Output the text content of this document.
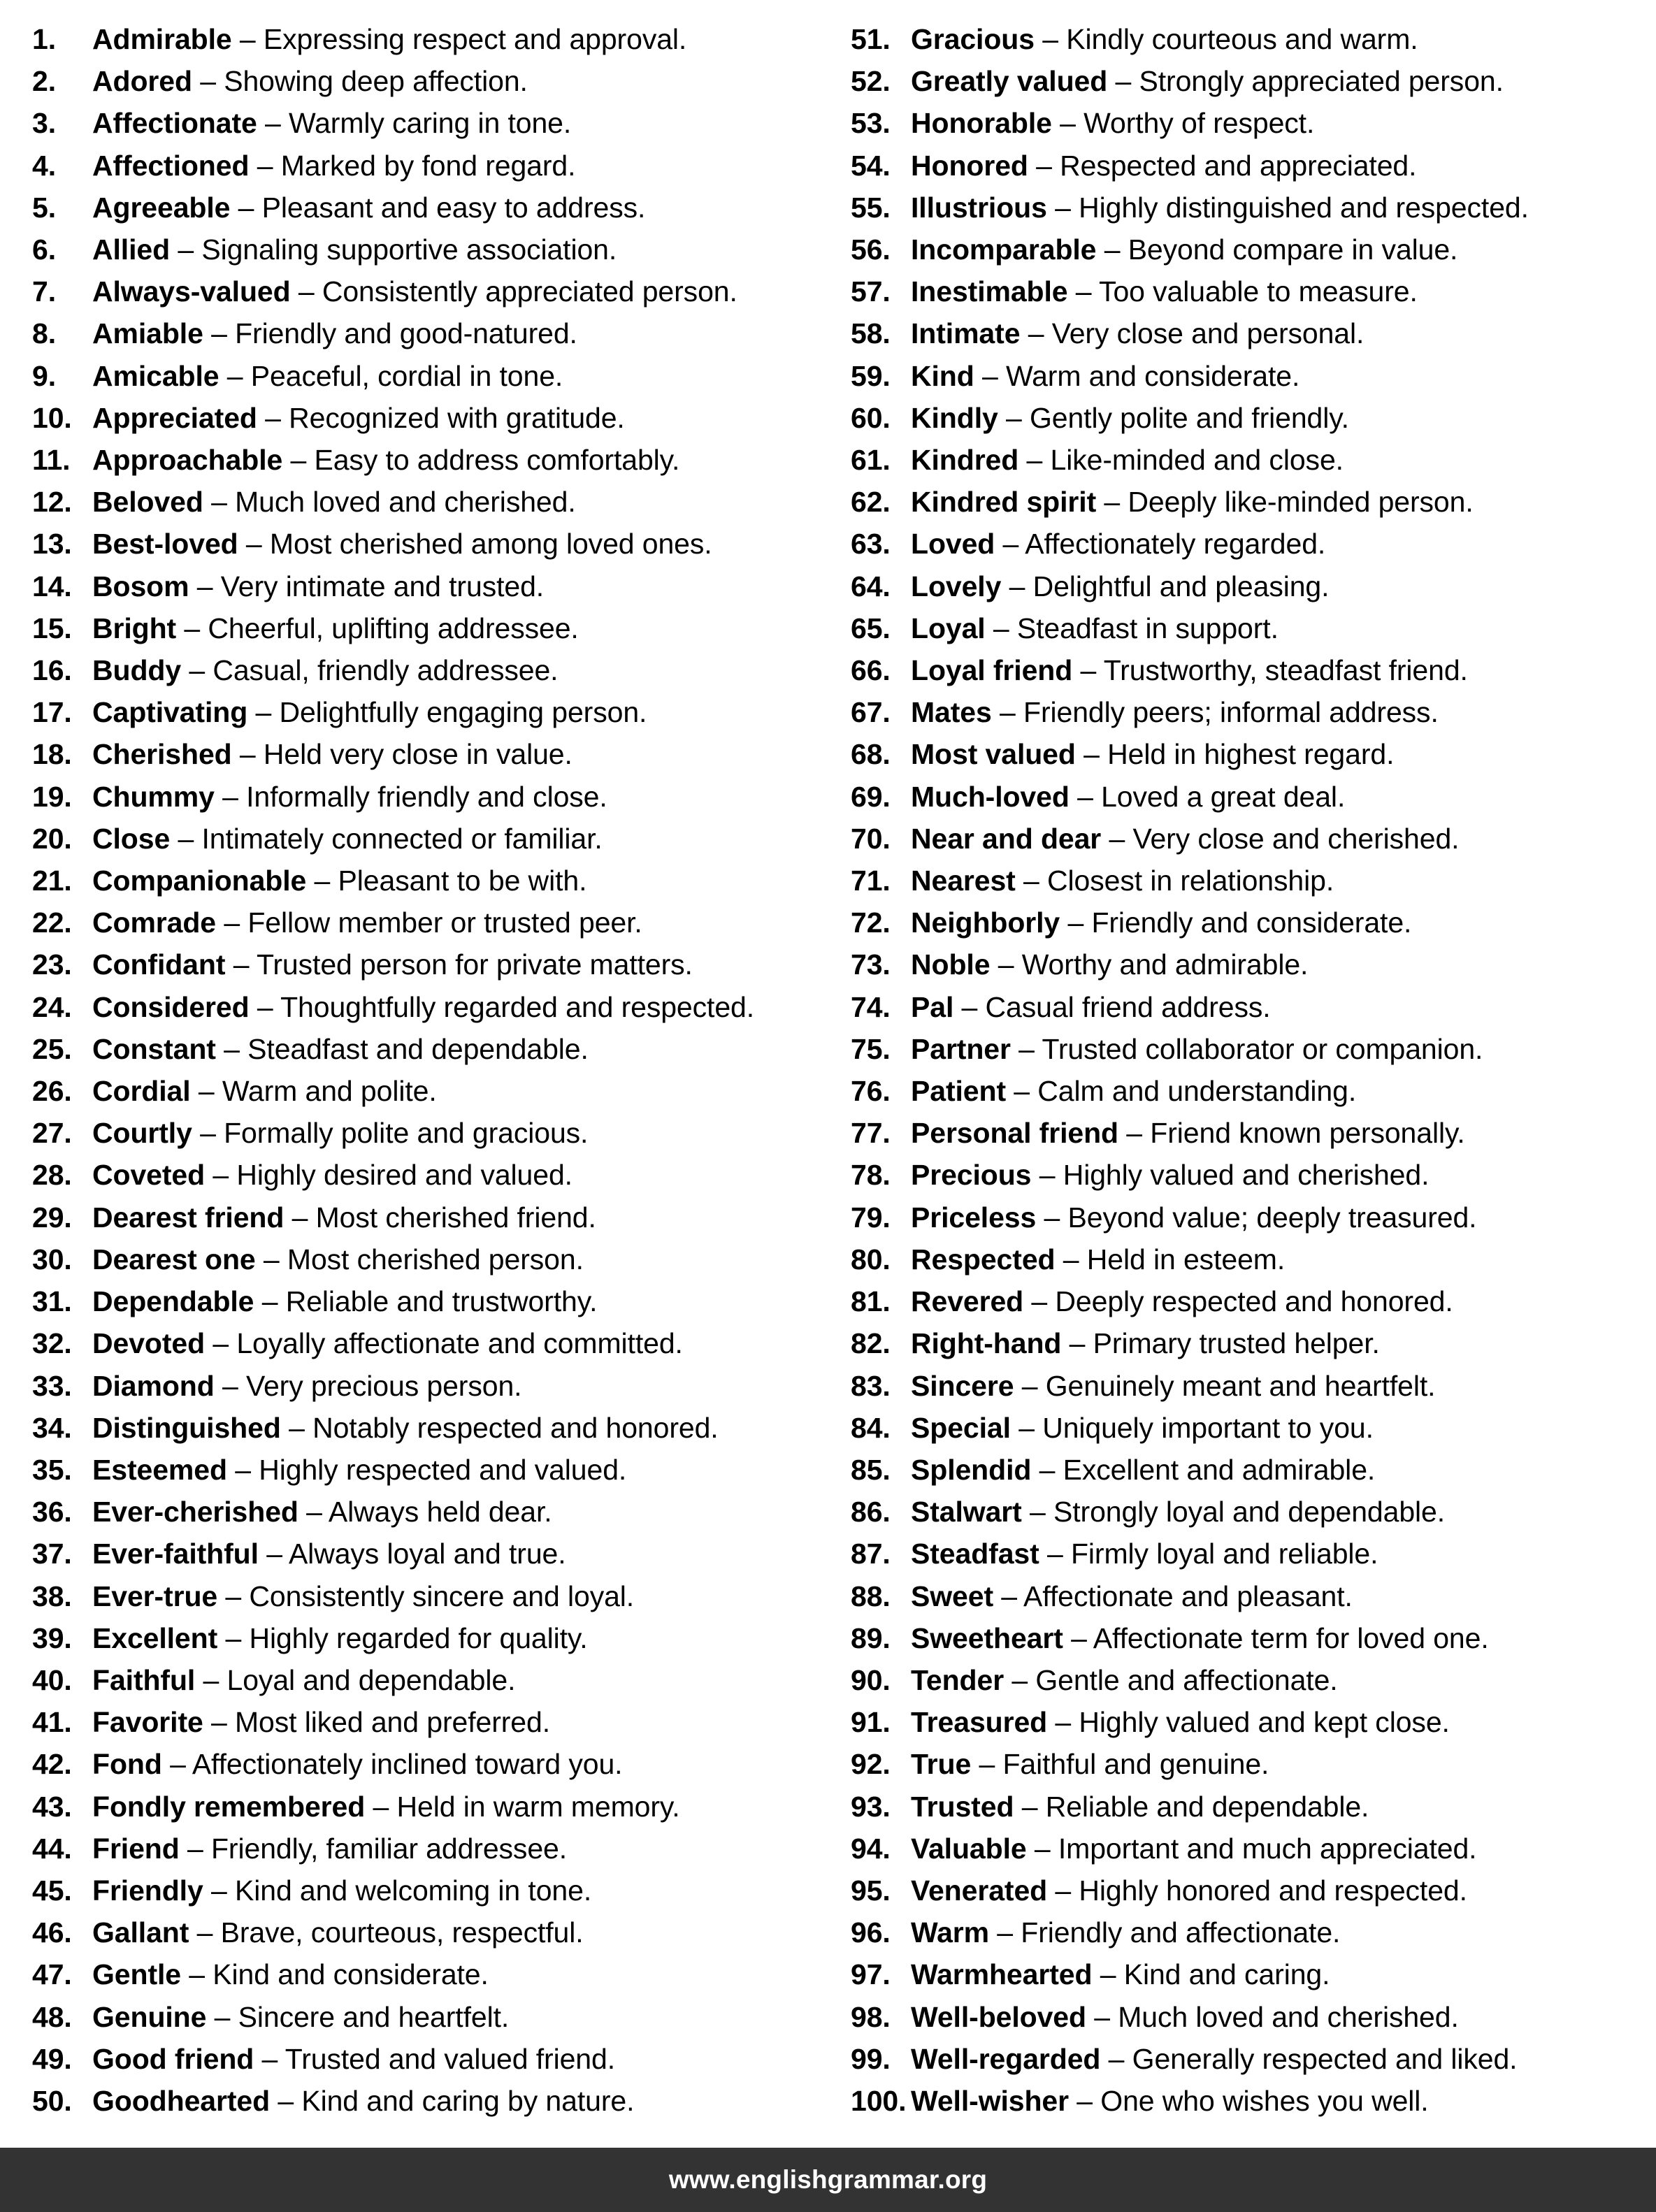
1.	Admirable – Expressing respect and approval.
2.	Adored – Showing deep affection.
3.	Affectionate – Warmly caring in tone.
4.	Affectioned – Marked by fond regard.
5.	Agreeable – Pleasant and easy to address.
6.	Allied – Signaling supportive association.
7.	Always-valued – Consistently appreciated person.
8.	Amiable – Friendly and good-natured.
9.	Amicable – Peaceful, cordial in tone.
10. Appreciated – Recognized with gratitude.
11. Approachable – Easy to address comfortably.
12. Beloved – Much loved and cherished.
13. Best-loved – Most cherished among loved ones.
14. Bosom – Very intimate and trusted.
15. Bright – Cheerful, uplifting addressee.
16. Buddy – Casual, friendly addressee.
17. Captivating – Delightfully engaging person.
18. Cherished – Held very close in value.
19. Chummy – Informally friendly and close.
20. Close – Intimately connected or familiar.
21. Companionable – Pleasant to be with.
22. Comrade – Fellow member or trusted peer.
23. Confidant – Trusted person for private matters.
24. Considered – Thoughtfully regarded and respected.
25. Constant – Steadfast and dependable.
26. Cordial – Warm and polite.
27. Courtly – Formally polite and gracious.
28. Coveted – Highly desired and valued.
29. Dearest friend – Most cherished friend.
30. Dearest one – Most cherished person.
31. Dependable – Reliable and trustworthy.
32. Devoted – Loyally affectionate and committed.
33. Diamond – Very precious person.
34. Distinguished – Notably respected and honored.
35. Esteemed – Highly respected and valued.
36. Ever-cherished – Always held dear.
37. Ever-faithful – Always loyal and true.
38. Ever-true – Consistently sincere and loyal.
39. Excellent – Highly regarded for quality.
40. Faithful – Loyal and dependable.
41. Favorite – Most liked and preferred.
42. Fond – Affectionately inclined toward you.
43. Fondly remembered – Held in warm memory.
44. Friend – Friendly, familiar addressee.
45. Friendly – Kind and welcoming in tone.
46. Gallant – Brave, courteous, respectful.
47. Gentle – Kind and considerate.
48. Genuine – Sincere and heartfelt.
49. Good friend – Trusted and valued friend.
50. Goodhearted – Kind and caring by nature.
51. Gracious – Kindly courteous and warm.
52. Greatly valued – Strongly appreciated person.
53. Honorable – Worthy of respect.
54. Honored – Respected and appreciated.
55. Illustrious – Highly distinguished and respected.
56. Incomparable – Beyond compare in value.
57. Inestimable – Too valuable to measure.
58. Intimate – Very close and personal.
59. Kind – Warm and considerate.
60. Kindly – Gently polite and friendly.
61. Kindred – Like-minded and close.
62. Kindred spirit – Deeply like-minded person.
63. Loved – Affectionately regarded.
64. Lovely – Delightful and pleasing.
65. Loyal – Steadfast in support.
66. Loyal friend – Trustworthy, steadfast friend.
67. Mates – Friendly peers; informal address.
68. Most valued – Held in highest regard.
69. Much-loved – Loved a great deal.
70. Near and dear – Very close and cherished.
71. Nearest – Closest in relationship.
72. Neighborly – Friendly and considerate.
73. Noble – Worthy and admirable.
74. Pal – Casual friend address.
75. Partner – Trusted collaborator or companion.
76. Patient – Calm and understanding.
77. Personal friend – Friend known personally.
78. Precious – Highly valued and cherished.
79. Priceless – Beyond value; deeply treasured.
80. Respected – Held in esteem.
81. Revered – Deeply respected and honored.
82. Right-hand – Primary trusted helper.
83. Sincere – Genuinely meant and heartfelt.
84. Special – Uniquely important to you.
85. Splendid – Excellent and admirable.
86. Stalwart – Strongly loyal and dependable.
87. Steadfast – Firmly loyal and reliable.
88. Sweet – Affectionate and pleasant.
89. Sweetheart – Affectionate term for loved one.
90. Tender – Gentle and affectionate.
91. Treasured – Highly valued and kept close.
92. True – Faithful and genuine.
93. Trusted – Reliable and dependable.
94. Valuable – Important and much appreciated.
95. Venerated – Highly honored and respected.
96. Warm – Friendly and affectionate.
97. Warmhearted – Kind and caring.
98. Well-beloved – Much loved and cherished.
99. Well-regarded – Generally respected and liked.
100. Well-wisher – One who wishes you well.
www.englishgrammar.org
